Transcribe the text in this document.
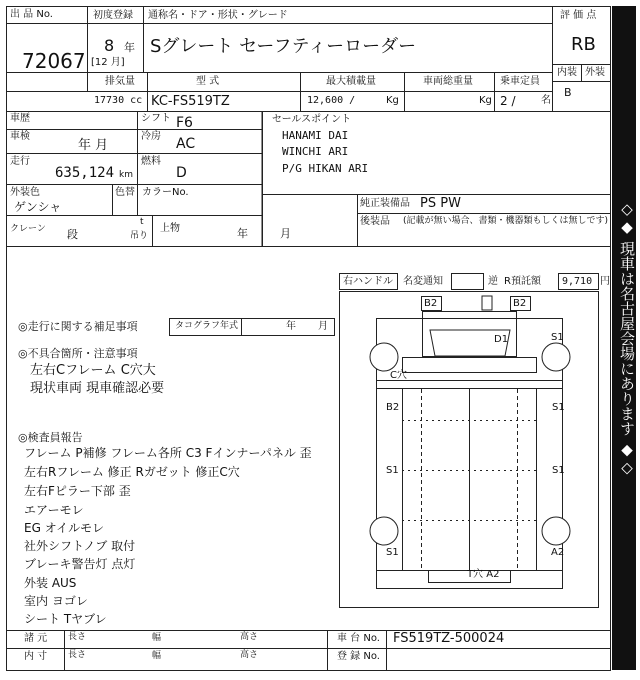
出 品 No.
72067
初度登録
8 年
[12 月]
通称名・ドア・形状・グレード
Sグレート セーフティーローダー
評 価 点
RB
内装 外装
B
排気量	型 式	最大積載量	車両総重量	乗車定員
17730 cc KC-FS519TZ	12,600 /	Kg	Kg 2 /	名
車歴
車検
年 月
走行
635,124 km
シフト F6
冷房 AC
燃料
D
外装色
ゲンシャ
色替 カラーNo.
クレーン 段
t
吊り
上物	年	月
セールスポイント
HANAMI DAI
WINCHI ARI
P/G HIKAN ARI
純正装備品 PS PW
後装品 (記載が無い場合、書類・機器類もしくは無しです)
右ハンドル 名変通知	逆 R預託額 9,710 円
◎走行に関する補足事項	タコグラフ年式	年 月
◎不具合箇所・注意事項
左右Cフレーム C穴大
現状車両 現車確認必要
◎検査員報告
フレーム P補修 フレーム各所 C3 Fインナーパネル 歪
左右Rフレーム 修正 Rガゼット 修正C穴
左右Fピラー下部 歪
エアーモレ
EG オイルモレ
社外シフトノブ 取付
ブレーキ警告灯 点灯
外装 AUS
室内 ヨゴレ
シート Tヤブレ
B2	B2
D1	S1
C穴
B2	S1
S1	S1
S1	A2
T穴 A2
諸 元 長さ	幅	高さ
内 寸 長さ	幅	高さ
車 台 No. FS519TZ-500024
登 録 No.
◇◆ 現車は名古屋会場にあります ◆◇
